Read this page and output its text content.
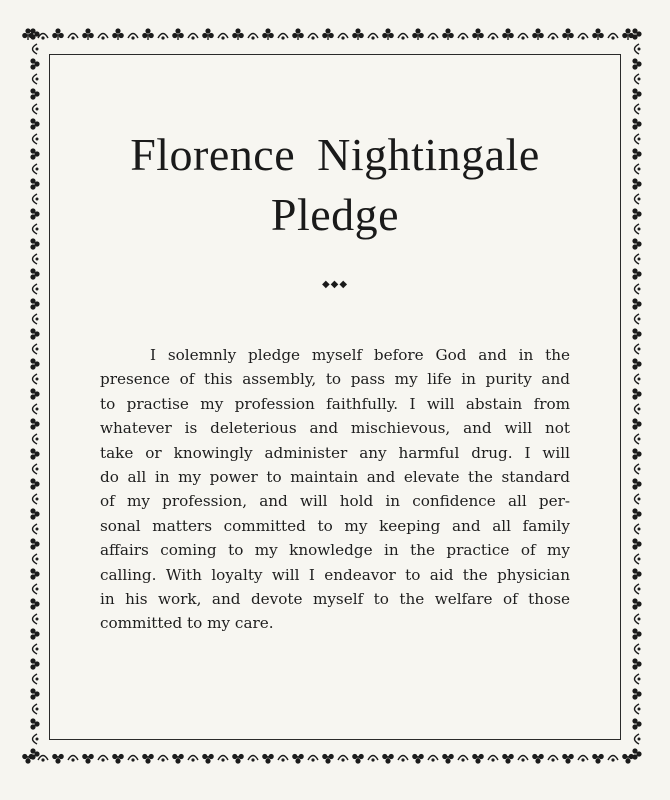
Florence Nightingale
Pledge
◆◆◆

I solemnly pledge myself before God and in the
presence of this assembly, to pass my life in purity and
to practise my profession faithfully. I will abstain from
whatever is deleterious and mischievous, and will not
take or knowingly administer any harmful drug. I will
do all in my power to maintain and elevate the standard
of my profession, and will hold in confidence all per-
sonal matters committed to my keeping and all family
affairs coming to my knowledge in the practice of my
calling. With loyalty will I endeavor to aid the physician
in his work, and devote myself to the welfare of those
committed to my care.
